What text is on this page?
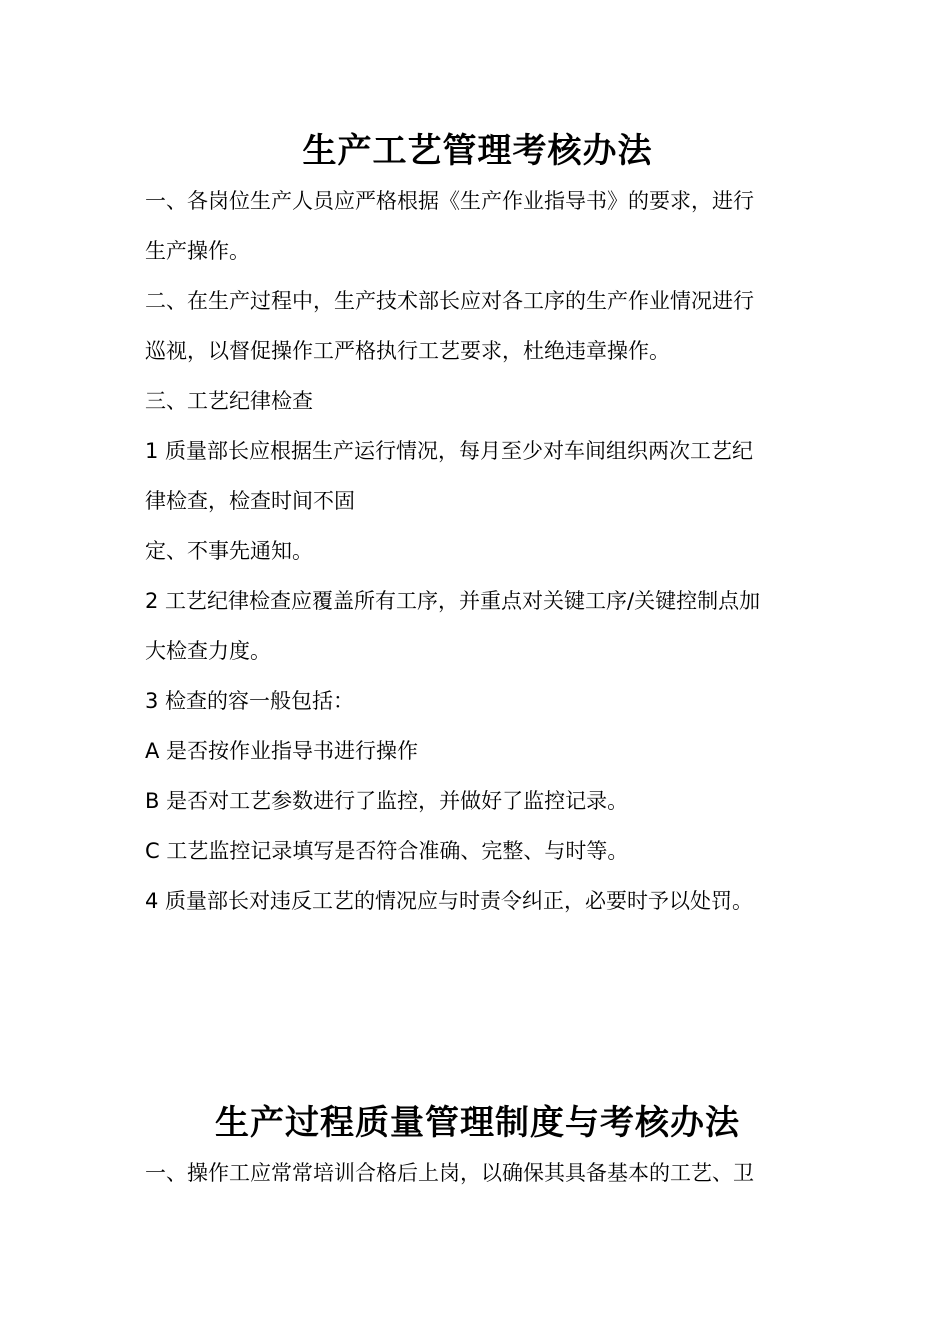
生产工艺管理考核办法

一、各岗位生产人员应严格根据《生产作业指导书》的要求，进行

生产操作。

二、在生产过程中，生产技术部长应对各工序的生产作业情况进行

巡视，以督促操作工严格执行工艺要求，杜绝违章操作。

三、工艺纪律检查

1 质量部长应根据生产运行情况，每月至少对车间组织两次工艺纪

律检查，检查时间不固

定、不事先通知。

2 工艺纪律检查应覆盖所有工序，并重点对关键工序/关键控制点加

大检查力度。

3 检查的容一般包括：

A 是否按作业指导书进行操作

B 是否对工艺参数进行了监控，并做好了监控记录。

C 工艺监控记录填写是否符合准确、完整、与时等。

4 质量部长对违反工艺的情况应与时责令纠正，必要时予以处罚。

生产过程质量管理制度与考核办法

一、操作工应常常培训合格后上岗，以确保其具备基本的工艺、卫
